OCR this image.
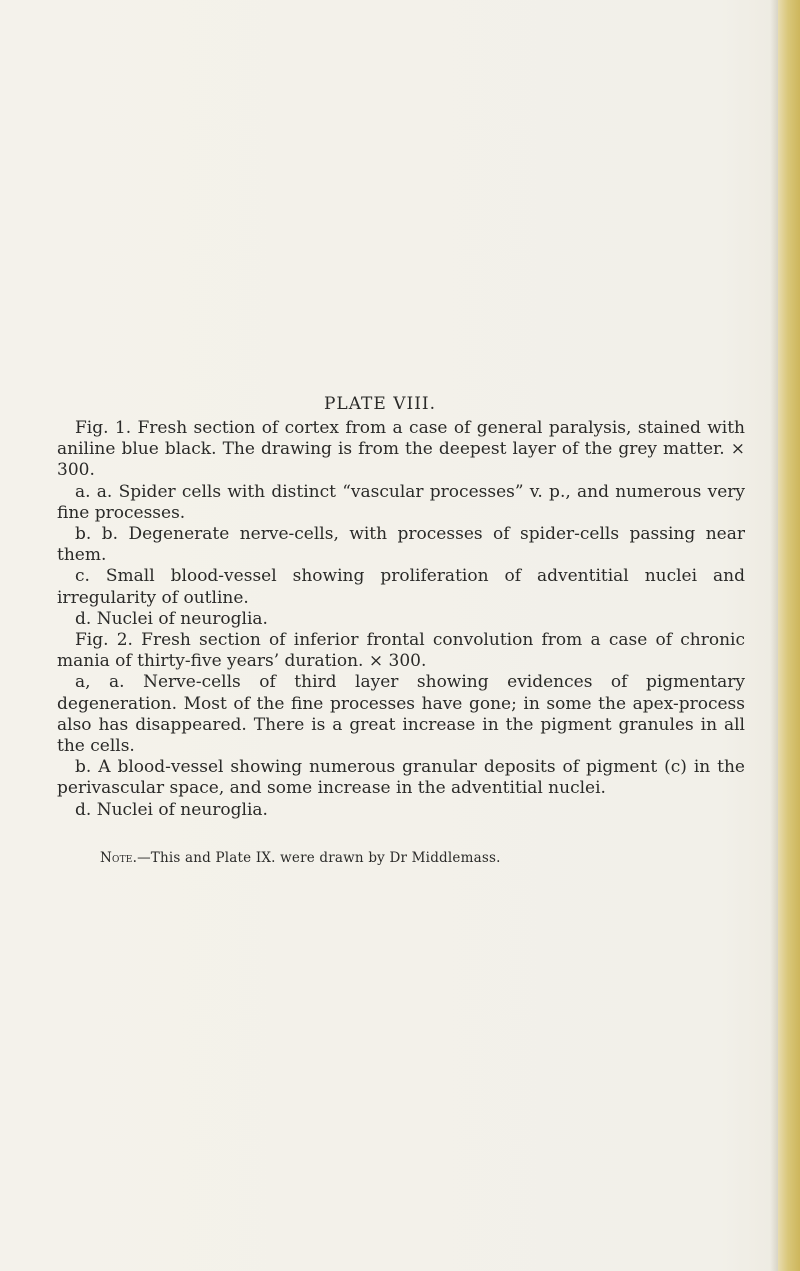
PLATE VIII.

Fig. 1. Fresh section of cortex from a case of general paralysis, stained with aniline blue black. The drawing is from the deepest layer of the grey matter. × 300.

a. a. Spider cells with distinct “vascular processes” v. p., and numerous very fine processes.

b. b. Degenerate nerve-cells, with processes of spider-cells passing near them.

c. Small blood-vessel showing proliferation of adventitial nuclei and irregularity of outline.

d. Nuclei of neuroglia.

Fig. 2. Fresh section of inferior frontal convolution from a case of chronic mania of thirty-five years’ duration. × 300.

a, a. Nerve-cells of third layer showing evidences of pigmentary degeneration. Most of the fine processes have gone; in some the apex-process also has disappeared. There is a great increase in the pigment granules in all the cells.

b. A blood-vessel showing numerous granular deposits of pigment (c) in the perivascular space, and some increase in the adventitial nuclei.

d. Nuclei of neuroglia.

Note.—This and Plate IX. were drawn by Dr Middlemass.
